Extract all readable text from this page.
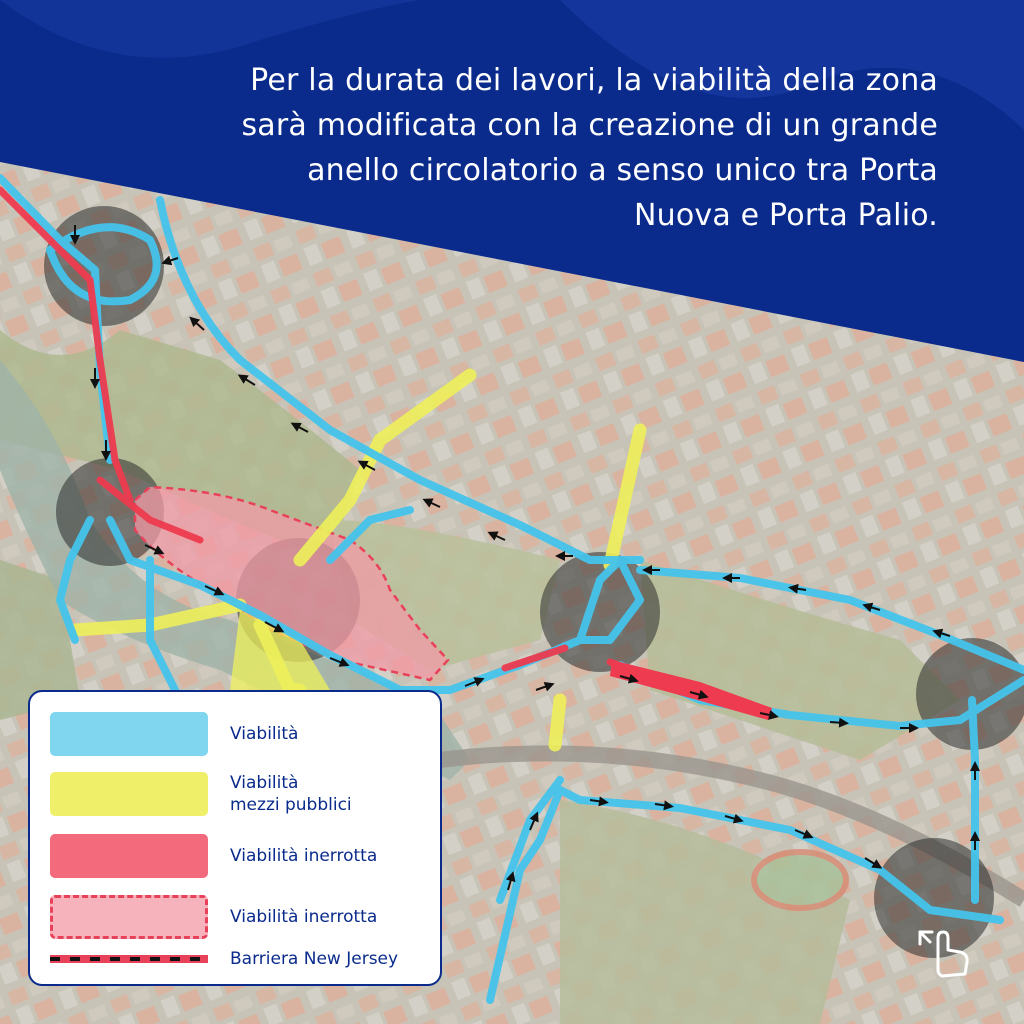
Per la durata dei lavori, la viabilità della zona
sarà modificata con la creazione di un grande
anello circolatorio a senso unico tra Porta
Nuova e Porta Palio.
Viabilità
Viabilità
mezzi pubblici
Viabilità inerrotta
Viabilità inerrotta
Barriera New Jersey
